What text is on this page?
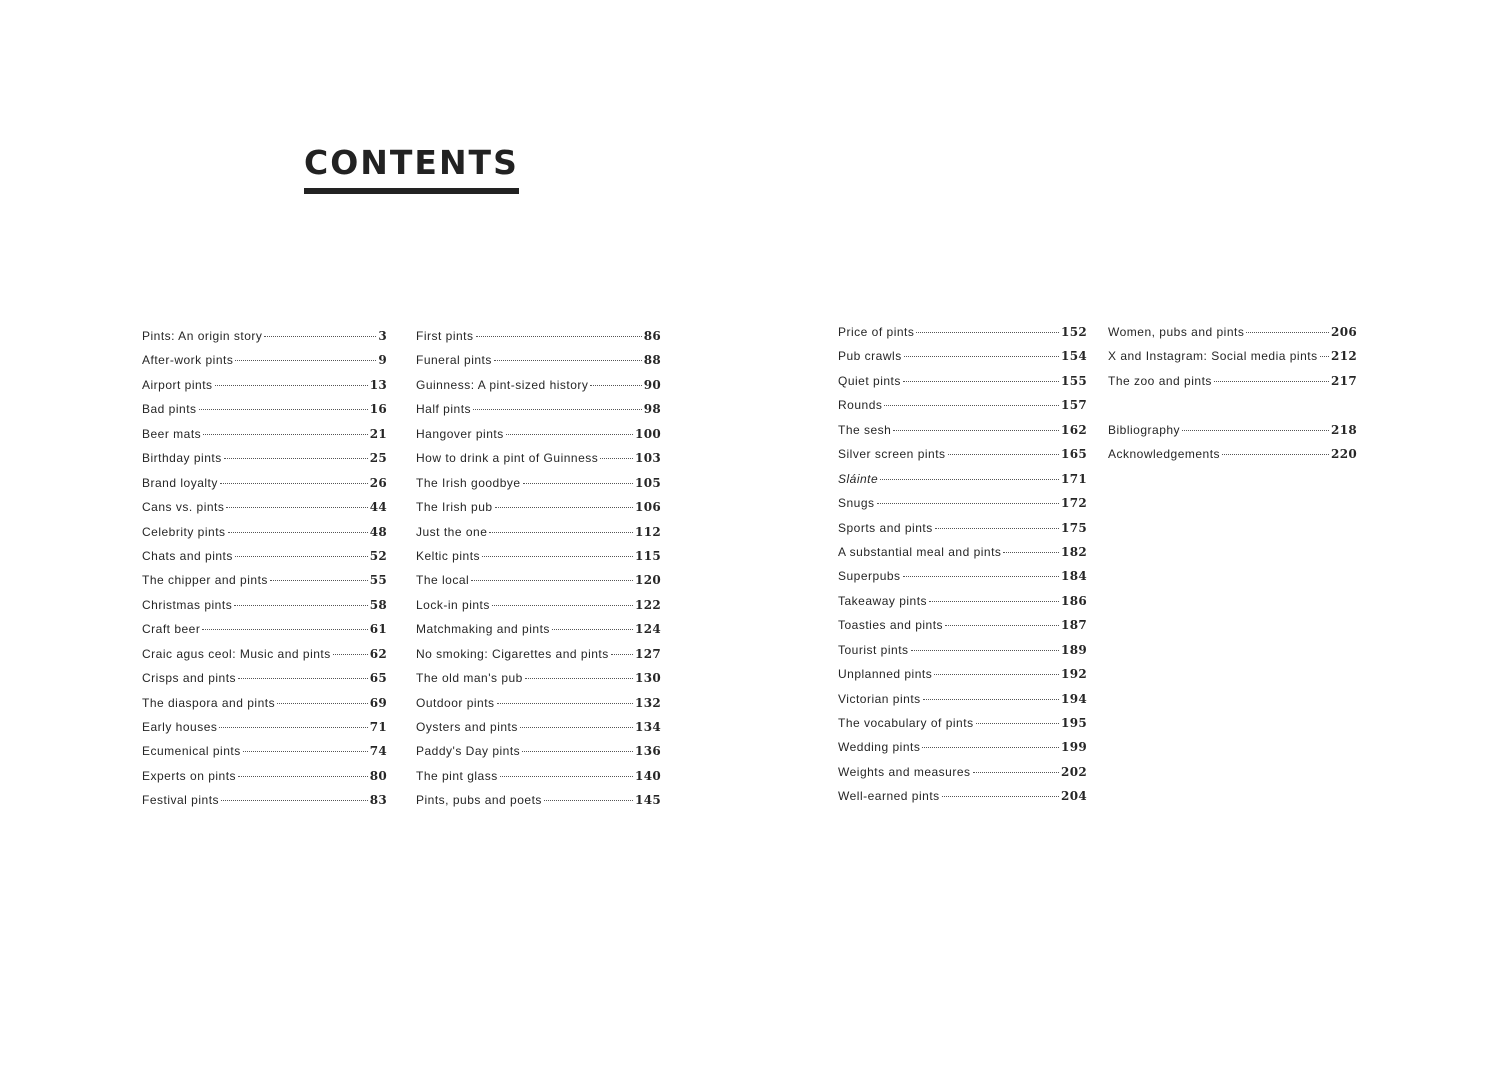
CONTENTS
Pints: An origin story	3
After-work pints	9
Airport pints	13
Bad pints	16
Beer mats	21
Birthday pints	25
Brand loyalty	26
Cans vs. pints	44
Celebrity pints	48
Chats and pints	52
The chipper and pints	55
Christmas pints	58
Craft beer	61
Craic agus ceol: Music and pints	62
Crisps and pints	65
The diaspora and pints	69
Early houses	71
Ecumenical pints	74
Experts on pints	80
Festival pints	83
First pints	86
Funeral pints	88
Guinness: A pint-sized history	90
Half pints	98
Hangover pints	100
How to drink a pint of Guinness	103
The Irish goodbye	105
The Irish pub	106
Just the one	112
Keltic pints	115
The local	120
Lock-in pints	122
Matchmaking and pints	124
No smoking: Cigarettes and pints 127
The old man's pub	130
Outdoor pints	132
Oysters and pints	134
Paddy's Day pints	136
The pint glass	140
Pints, pubs and poets	145
Price of pints	152
Pub crawls	154
Quiet pints	155
Rounds	157
The sesh	162
Silver screen pints	165
Sláinte	171
Snugs	172
Sports and pints	175
A substantial meal and pints	182
Superpubs	184
Takeaway pints	186
Toasties and pints	187
Tourist pints	189
Unplanned pints	192
Victorian pints	194
The vocabulary of pints	195
Wedding pints	199
Weights and measures	202
Well-earned pints	204
Women, pubs and pints	206
X and Instagram: Social media pints 212
The zoo and pints	217
Bibliography	218
Acknowledgements	220
